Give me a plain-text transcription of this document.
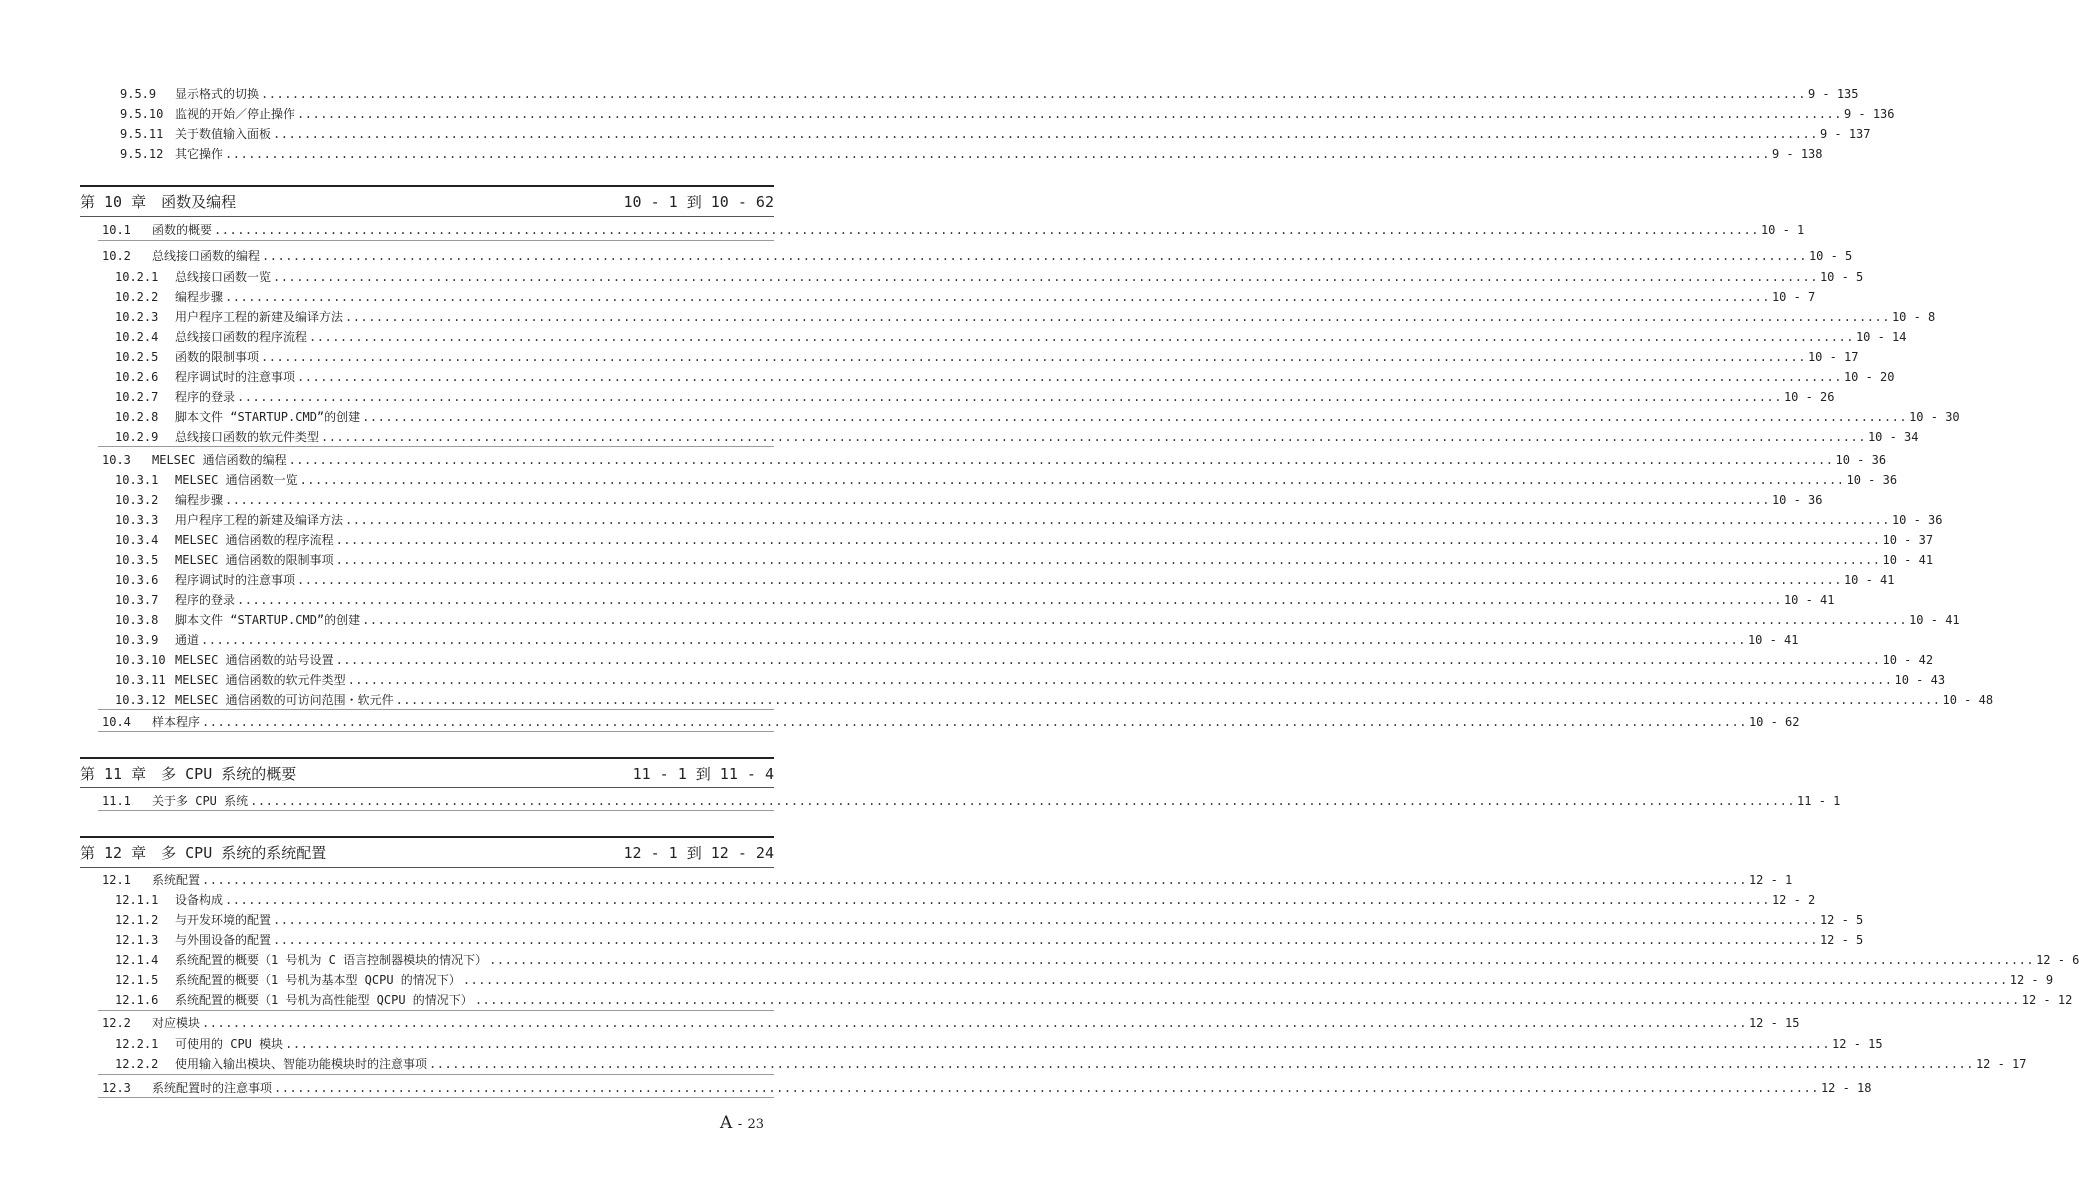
9.5.9	显示格式的切换 ........................................................................................................................................................................................................ 9 - 135
9.5.10 监视的开始／停止操作 ........................................................................................................................................................................................................ 9 - 136
9.5.11 关于数值输入面板 ........................................................................................................................................................................................................ 9 - 137
9.5.12 其它操作 ........................................................................................................................................................................................................ 9 - 138
第 10 章　函数及编程	10 - 1 到 10 - 62
10.1	函数的概要 ........................................................................................................................................................................................................ 10 - 1
10.2	总线接口函数的编程 ........................................................................................................................................................................................................ 10 - 5
10.2.1	总线接口函数一览 ........................................................................................................................................................................................................ 10 - 5
10.2.2	编程步骤 ........................................................................................................................................................................................................ 10 - 7
10.2.3	用户程序工程的新建及编译方法 ........................................................................................................................................................................................................ 10 - 8
10.2.4	总线接口函数的程序流程 ........................................................................................................................................................................................................ 10 - 14
10.2.5	函数的限制事项 ........................................................................................................................................................................................................ 10 - 17
10.2.6	程序调试时的注意事项 ........................................................................................................................................................................................................ 10 - 20
10.2.7	程序的登录 ........................................................................................................................................................................................................ 10 - 26
10.2.8	脚本文件 “STARTUP.CMD”的创建 ........................................................................................................................................................................................................ 10 - 30
10.2.9	总线接口函数的软元件类型 ........................................................................................................................................................................................................ 10 - 34
10.3	MELSEC 通信函数的编程 ........................................................................................................................................................................................................ 10 - 36
10.3.1	MELSEC 通信函数一览 ........................................................................................................................................................................................................ 10 - 36
10.3.2	编程步骤 ........................................................................................................................................................................................................ 10 - 36
10.3.3	用户程序工程的新建及编译方法 ........................................................................................................................................................................................................ 10 - 36
10.3.4	MELSEC 通信函数的程序流程 ........................................................................................................................................................................................................ 10 - 37
10.3.5	MELSEC 通信函数的限制事项 ........................................................................................................................................................................................................ 10 - 41
10.3.6	程序调试时的注意事项 ........................................................................................................................................................................................................ 10 - 41
10.3.7	程序的登录 ........................................................................................................................................................................................................ 10 - 41
10.3.8	脚本文件 “STARTUP.CMD”的创建 ........................................................................................................................................................................................................ 10 - 41
10.3.9	通道 ........................................................................................................................................................................................................ 10 - 41
10.3.10 MELSEC 通信函数的站号设置 ........................................................................................................................................................................................................ 10 - 42
10.3.11 MELSEC 通信函数的软元件类型 ........................................................................................................................................................................................................ 10 - 43
10.3.12 MELSEC 通信函数的可访问范围・软元件 ........................................................................................................................................................................................................ 10 - 48
10.4	样本程序 ........................................................................................................................................................................................................ 10 - 62
第 11 章　多 CPU 系统的概要	11 - 1 到 11 - 4
11.1	关于多 CPU 系统 ........................................................................................................................................................................................................ 11 - 1
第 12 章　多 CPU 系统的系统配置	12 - 1 到 12 - 24
12.1	系统配置 ........................................................................................................................................................................................................ 12 - 1
12.1.1	设备构成 ........................................................................................................................................................................................................ 12 - 2
12.1.2	与开发环境的配置 ........................................................................................................................................................................................................ 12 - 5
12.1.3	与外围设备的配置 ........................................................................................................................................................................................................ 12 - 5
12.1.4	系统配置的概要（1 号机为 C 语言控制器模块的情况下） ........................................................................................................................................................................................................ 12 - 6
12.1.5	系统配置的概要（1 号机为基本型 QCPU 的情况下） ........................................................................................................................................................................................................ 12 - 9
12.1.6	系统配置的概要（1 号机为高性能型 QCPU 的情况下） ........................................................................................................................................................................................................ 12 - 12
12.2	对应模块 ........................................................................................................................................................................................................ 12 - 15
12.2.1	可使用的 CPU 模块 ........................................................................................................................................................................................................ 12 - 15
12.2.2	使用输入输出模块、智能功能模块时的注意事项 ........................................................................................................................................................................................................ 12 - 17
12.3	系统配置时的注意事项 ........................................................................................................................................................................................................ 12 - 18
A - 23
